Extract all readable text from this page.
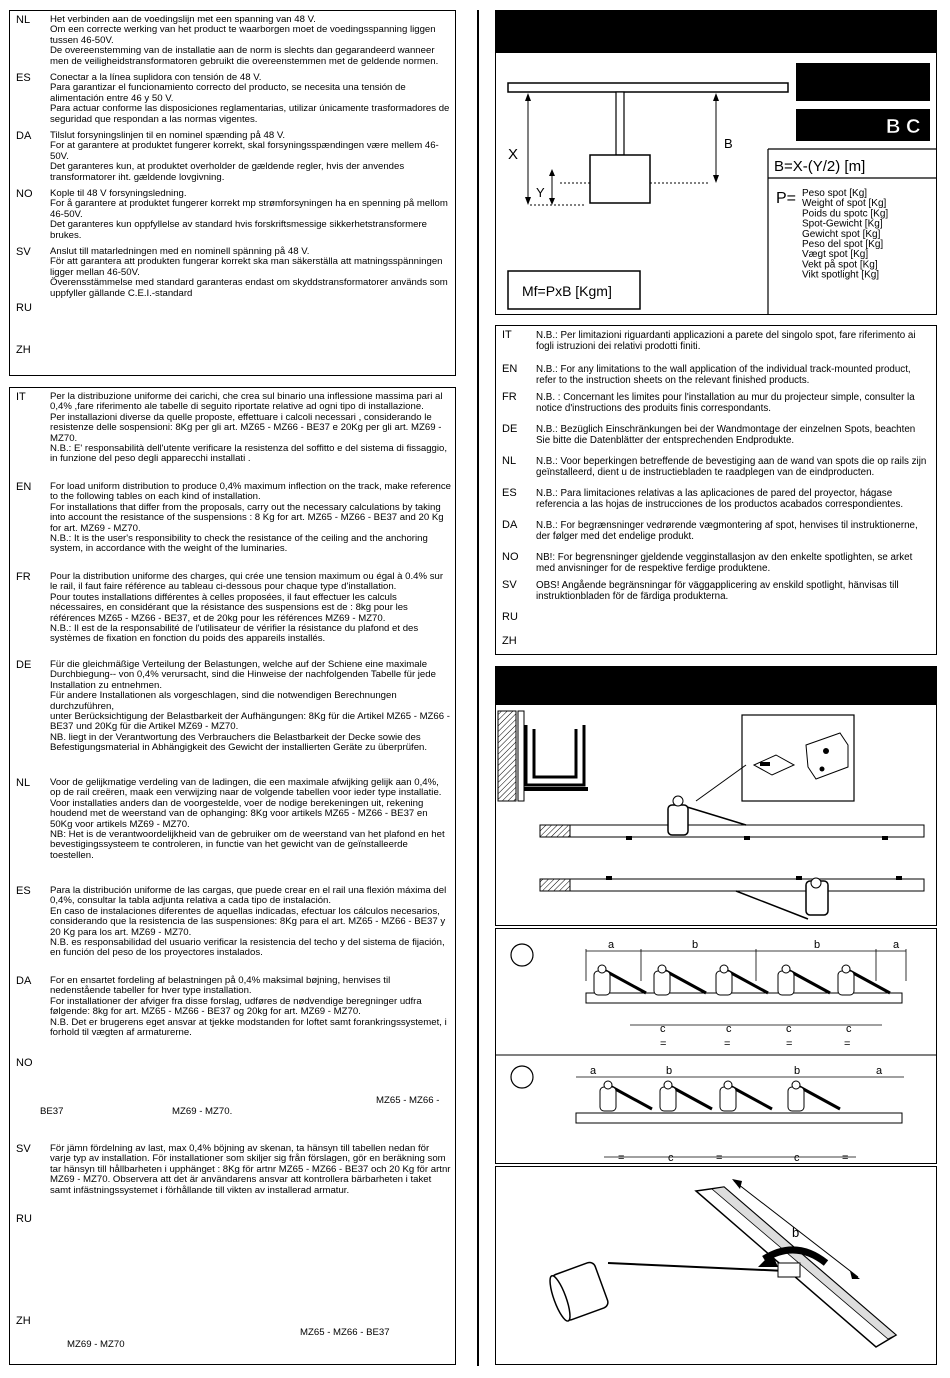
NL Het verbinden aan de voedingslijn met een spanning van 48 V.
Om een correcte werking van het product te waarborgen moet de voedingsspanning liggen tussen 46-50V.
De overeenstemming van de installatie aan de norm is slechts dan gegarandeerd wanneer men de veiligheidstransformatoren gebruikt die overeenstemmen met de geldende normen.
ES Conectar a la línea suplidora con tensión de 48 V.
Para garantizar el funcionamiento correcto del producto, se necesita una tensión de alimentación entre 46 y 50 V.
Para actuar conforme las disposiciones reglamentarias, utilizar únicamente trasformadores de seguridad que respondan a las normas vigentes.
DA Tilslut forsyningslinjen til en nominel spænding på 48 V.
For at garantere at produktet fungerer korrekt, skal forsyningsspændingen være mellem 46-50V.
Det garanteres kun, at produktet overholder de gældende regler, hvis der anvendes transformatorer iht. gældende lovgivning.
NO Kople til 48 V forsyningsledning.
For å garantere at produktet fungerer korrekt mp strømforsyningen ha en spenning på mellom 46-50V.
Det garanteres kun oppfyllelse av standard hvis forskriftsmessige sikkerhetstransformere brukes.
SV Anslut till matarledningen med en nominell spänning på 48 V.
För att garantera att produkten fungerar korrekt ska man säkerställa att matningsspänningen ligger mellan 46-50V.
Överensstämmelse med standard garanteras endast om skyddstransformatorer används som uppfyller gällande C.E.I.-standard
RU
ZH
IT	Per la distribuzione uniforme dei carichi, che crea sul binario una inflessione massima pari al 0,4% ,fare riferimento ale tabelle di seguito riportate relative ad ogni tipo di installazione.
Per installazioni diverse da quelle proposte, effettuare i calcoli necessari , considerando le resistenze delle sospensioni: 8Kg per gli art. MZ65 - MZ66 - BE37 e 20Kg per gli art. MZ69 - MZ70.
N.B.: E' responsabilità dell'utente verificare la resistenza del soffitto e del sistema di fissaggio, in funzione del peso degli apparecchi installati .
EN For load uniform distribution to produce 0,4% maximum inflection on the track, make reference to the following tables on each kind of installation.
For installations that differ from the proposals, carry out the necessary calculations by taking into account the resistance of the suspensions : 8 Kg for art. MZ65 - MZ66 - BE37 and 20 Kg for art. MZ69 - MZ70.
N.B.: It is the user's responsibility to check the resistance of the ceiling and the anchoring system, in accordance with the weight of the luminaries.
FR Pour la distribution uniforme des charges, qui crée une tension maximum ou égal à 0.4% sur le rail, il faut faire référence au tableau ci-dessous pour chaque type d'installation.
Pour toutes installations différentes à celles proposées, il faut effectuer les calculs nécessaires, en considérant que la résistance des suspensions est de : 8kg pour les références MZ65 - MZ66 - BE37, et de 20kg pour les références MZ69 - MZ70.
N.B.: Il est de la responsabilité de l'utilisateur de vérifier la résistance du plafond et des systèmes de fixation en fonction du poids des appareils installés.
DE Für die gleichmäßige Verteilung der Belastungen, welche auf der Schiene eine maximale Durchbiegung-- von 0,4% verursacht, sind die Hinweise der nachfolgenden Tabelle für jede Installation zu entnehmen.
Für andere Installationen als vorgeschlagen, sind die notwendigen Berechnungen durchzuführen,
unter Berücksichtigung der Belastbarkeit der Aufhängungen: 8Kg für die Artikel MZ65 - MZ66 - BE37 und 20Kg für die Artikel MZ69 - MZ70.
NB. liegt in der Verantwortung des Verbrauchers die Belastbarkeit der Decke sowie des Befestigungsmaterial in Abhängigkeit des Gewicht der installierten Geräte zu überprüfen.
NL Voor de gelijkmatige verdeling van de ladingen, die een maximale afwijking gelijk aan 0,4%, op de rail creëren, maak een verwijzing naar de volgende tabellen voor ieder type installatie.
Voor installaties anders dan de voorgestelde, voer de nodige berekeningen uit, rekening houdend met de weerstand van de ophanging: 8Kg voor artikels MZ65 - MZ66 - BE37 en 50Kg voor artikels MZ69 - MZ70.
NB: Het is de verantwoordelijkheid van de gebruiker om de weerstand van het plafond en het bevestigingssysteem te controleren, in functie van het gewicht van de geïnstalleerde toestellen.
ES Para la distribución uniforme de las cargas, que puede crear en el rail una flexión máxima del 0,4%, consultar la tabla adjunta relativa a cada tipo de instalación.
En caso de instalaciones diferentes de aquellas indicadas, efectuar los cálculos necesarios, considerando que la resistencia de las suspensiones: 8Kg para el art. MZ65 - MZ66 - BE37 y 20 Kg para los art. MZ69 - MZ70.
N.B. es responsabilidad del usuario verificar la resistencia del techo y del sistema de fijación, en función del peso de los proyectores instalados.
DA For en ensartet fordeling af belastningen på 0,4% maksimal bøjning, henvises til nedenstående tabeller for hver type installation.
For installationer der afviger fra disse forslag, udføres de nødvendige beregninger udfra følgende: 8kg for art. MZ65 - MZ66 - BE37 og 20kg for art. MZ69 - MZ70.
N.B. Det er brugerens eget ansvar at tjekke modstanden for loftet samt forankringssystemet, i forhold til vægten af armaturerne.
NO
SV För jämn fördelning av last, max 0,4% böjning av skenan, ta hänsyn till tabellen nedan för varje typ av installation. För installationer som skiljer sig från förslagen, gör en beräkning som tar hänsyn till hållbarheten i upphänget : 8Kg för artnr MZ65 - MZ66 - BE37 och 20 Kg för artnr MZ69 - MZ70. Observera att det är användarens ansvar att kontrollera bärbarheten i taket samt infästningssystemet i förhållande till vikten av installerad armatur.
RU
ZH
MZ65 - MZ66 -
BE37	MZ69 - MZ70.
MZ65 - MZ66 - BE37
MZ69 - MZ70
X
Y
B
Mf=PxB [Kgm]
B C
B=X-(Y/2) [m]
P= Peso spot [Kg]
Weight of spot [Kg]
Poids du spotc [Kg]
Spot-Gewicht [Kg]
Gewicht spot [Kg]
Peso del spot [Kg]
Vægt spot [Kg]
Vekt på spot [Kg]
Vikt spotlight [Kg]
IT N.B.: Per limitazioni riguardanti applicazioni a parete del singolo spot, fare riferimento ai fogli istruzioni dei relativi prodotti finiti.
EN N.B.: For any limitations to the wall application of the individual track-mounted product, refer to the instruction sheets on the relevant finished products.
FR N.B. : Concernant les limites pour l'installation au mur du projecteur simple, consulter la notice d'instructions des produits finis correspondants.
DE N.B.: Bezüglich Einschränkungen bei der Wandmontage der einzelnen Spots, beachten Sie bitte die Datenblätter der entsprechenden Endprodukte.
NL N.B.: Voor beperkingen betreffende de bevestiging aan de wand van spots die op rails zijn geïnstalleerd, dient u de instructiebladen te raadplegen van de eindproducten.
ES N.B.: Para limitaciones relativas a las aplicaciones de pared del proyector, hágase referencia a las hojas de instrucciones de los productos acabados correspondientes.
DA N.B.: For begrænsninger vedrørende vægmontering af spot, henvises til instruktionerne, der følger med det endelige produkt.
NO NB!: For begrensninger gjeldende vegginstallasjon av den enkelte spotlighten, se arket med anvisninger for de respektive ferdige produktene.
SV OBS! Angående begränsningar för väggapplicering av enskild spotlight, hänvisas till instruktionbladen för de färdiga produkterna.
RU
ZH
a	b	b	a
c	c	c	c
=	=	=	=
a	b	b	a
=	c	=	c	=
b
